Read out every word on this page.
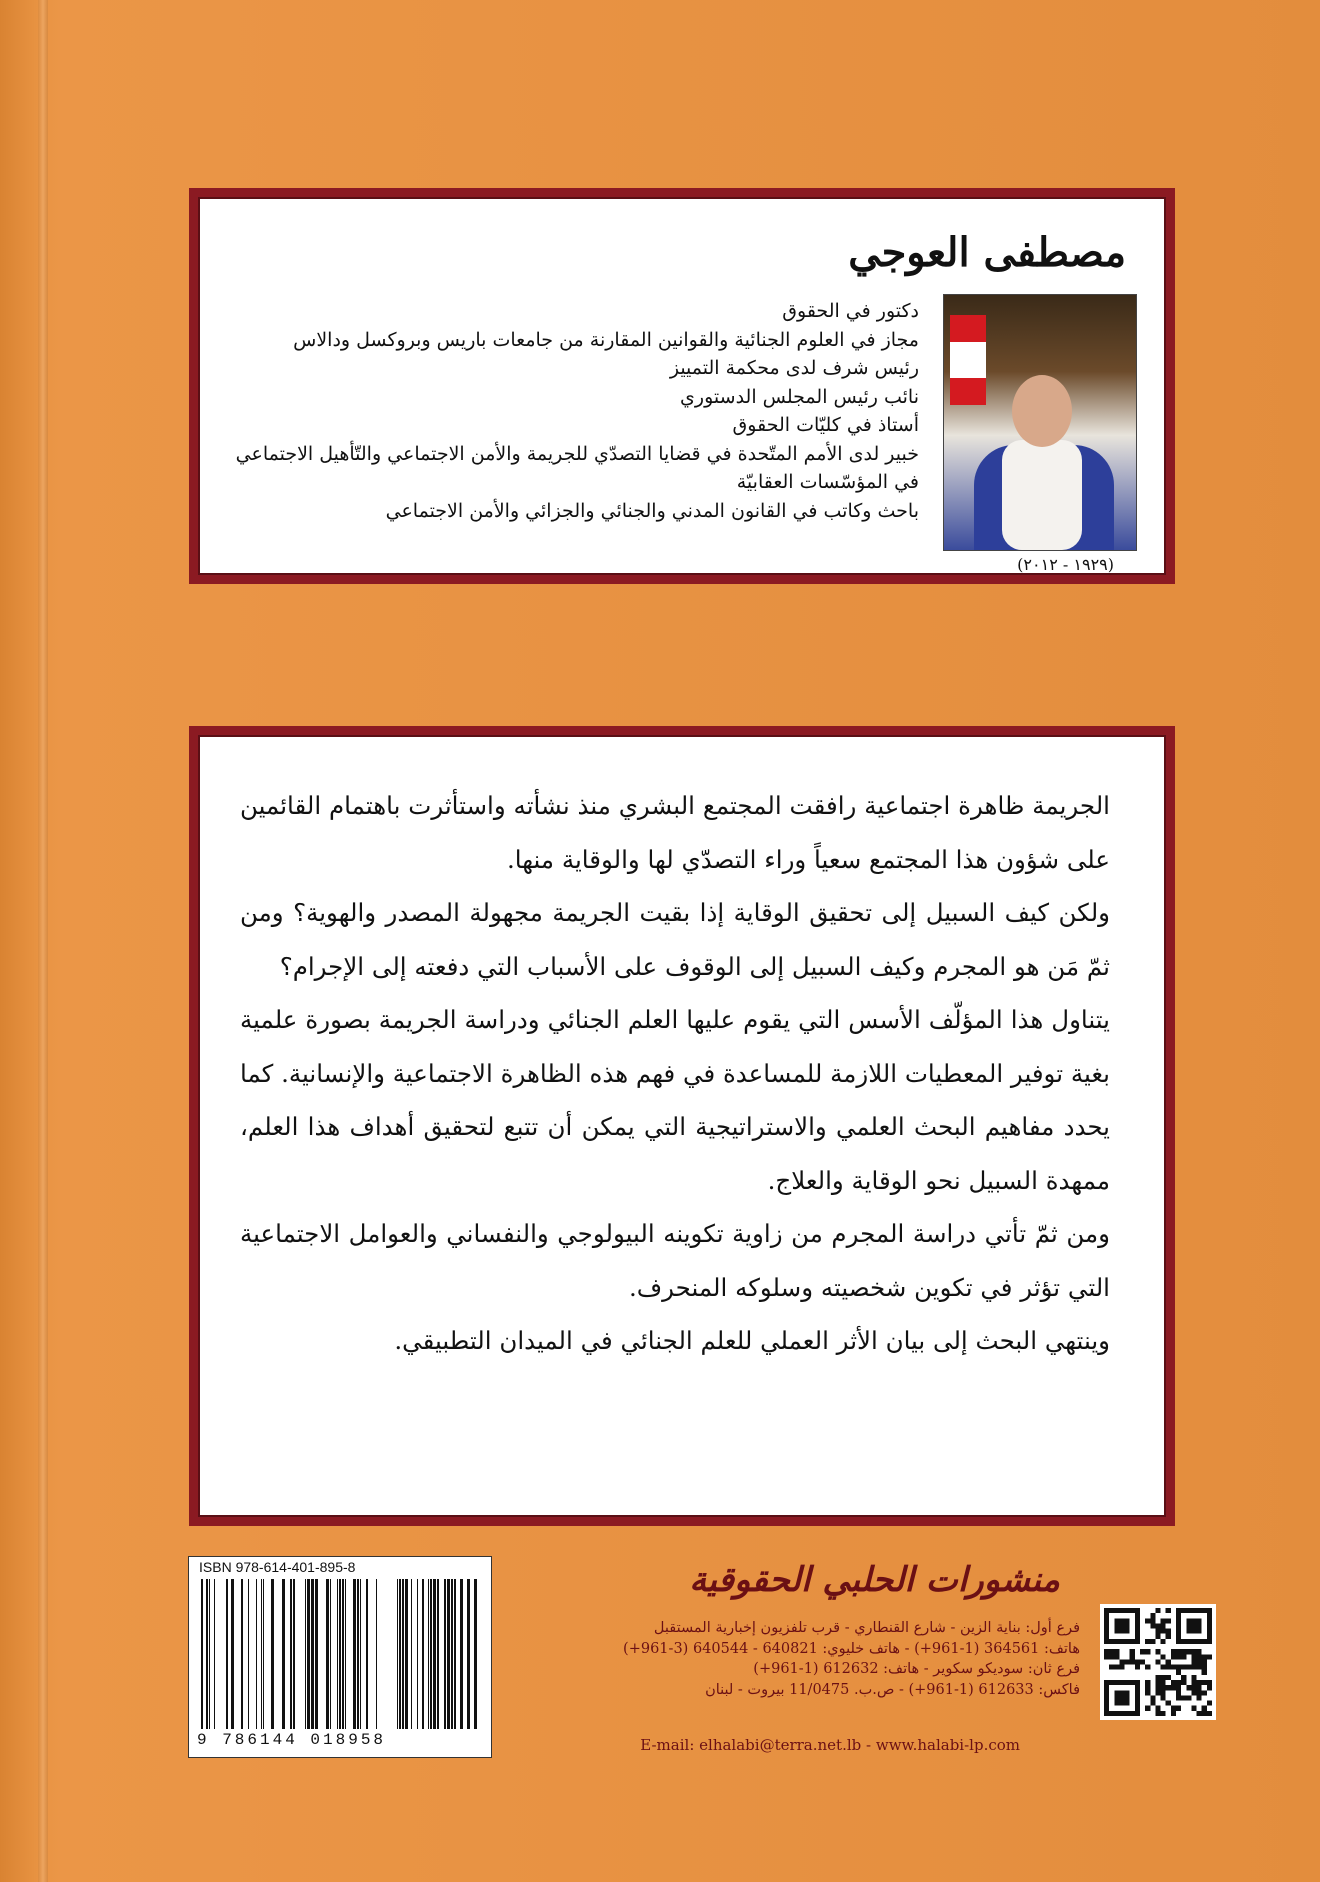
مصطفى العوجي
دكتور في الحقوق
مجاز في العلوم الجنائية والقوانين المقارنة من جامعات باريس وبروكسل ودالاس
رئيس شرف لدى محكمة التمييز
نائب رئيس المجلس الدستوري
أستاذ في كليّات الحقوق
خبير لدى الأمم المتّحدة في قضايا التصدّي للجريمة والأمن الاجتماعي والتّأهيل الاجتماعي
في المؤسّسات العقابيّة
باحث وكاتب في القانون المدني والجنائي والجزائي والأمن الاجتماعي
(١٩٢٩ - ٢٠١٢)

الجريمة ظاهرة اجتماعية رافقت المجتمع البشري منذ نشأته واستأثرت باهتمام القائمين على شؤون هذا المجتمع سعياً وراء التصدّي لها والوقاية منها.

ولكن كيف السبيل إلى تحقيق الوقاية إذا بقيت الجريمة مجهولة المصدر والهوية؟ ومن ثمّ مَن هو المجرم وكيف السبيل إلى الوقوف على الأسباب التي دفعته إلى الإجرام؟

يتناول هذا المؤلّف الأسس التي يقوم عليها العلم الجنائي ودراسة الجريمة بصورة علمية بغية توفير المعطيات اللازمة للمساعدة في فهم هذه الظاهرة الاجتماعية والإنسانية. كما يحدد مفاهيم البحث العلمي والاستراتيجية التي يمكن أن تتبع لتحقيق أهداف هذا العلم، ممهدة السبيل نحو الوقاية والعلاج.

ومن ثمّ تأتي دراسة المجرم من زاوية تكوينه البيولوجي والنفساني والعوامل الاجتماعية التي تؤثر في تكوين شخصيته وسلوكه المنحرف.

وينتهي البحث إلى بيان الأثر العملي للعلم الجنائي في الميدان التطبيقي.

ISBN 978-614-401-895-8
9 786144 018958
منشورات الحلبي الحقوقية
فرع أول: بناية الزين - شارع القنطاري - قرب تلفزيون إخبارية المستقبل
هاتف: 364561 (1-961+) - هاتف خليوي: 640821 - 640544 (3-961+)
فرع ثان: سوديكو سكوير - هاتف: 612632 (1-961+)
فاكس: 612633 (1-961+) - ص.ب. 11/0475 بيروت - لبنان
E-mail: elhalabi@terra.net.lb - www.halabi-lp.com
